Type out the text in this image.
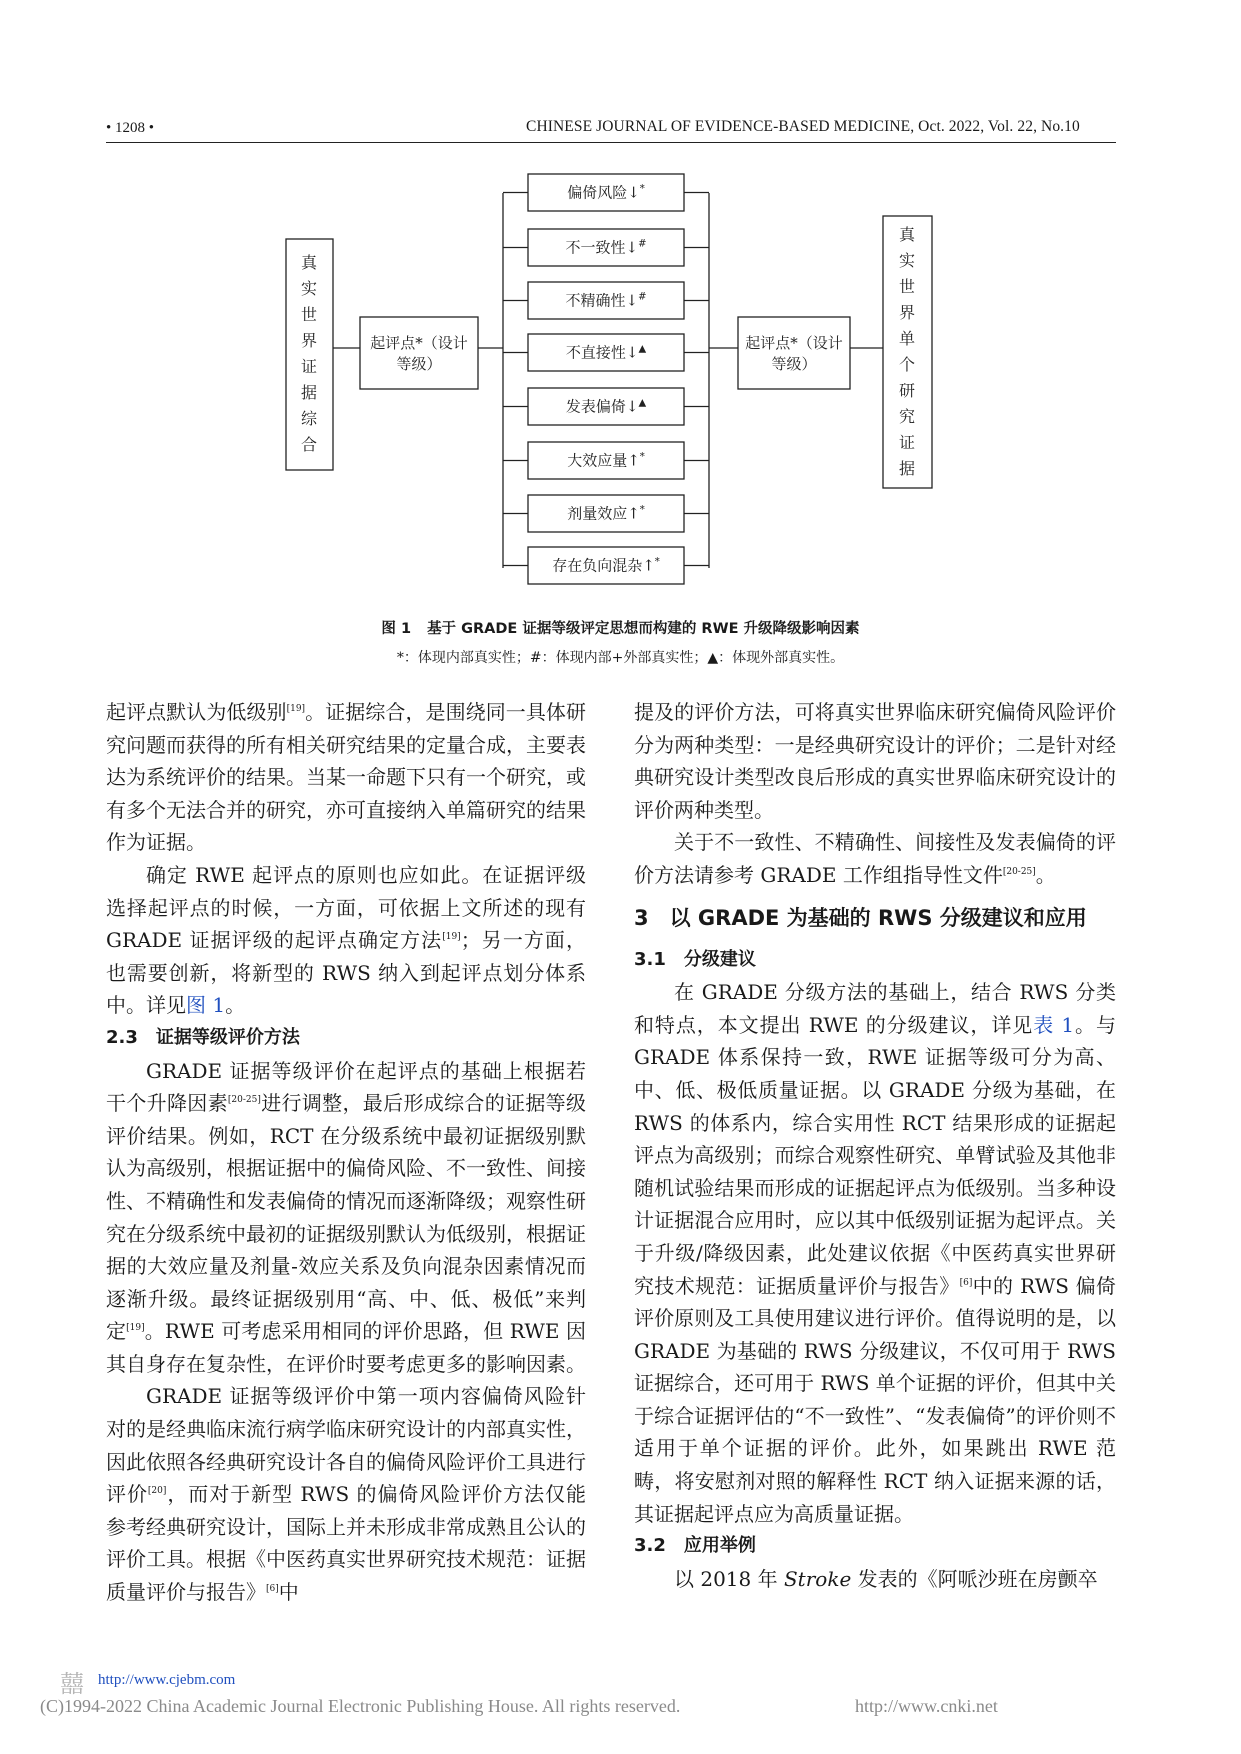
• 1208 •	CHINESE JOURNAL OF EVIDENCE-BASED MEDICINE, Oct. 2022, Vol. 22, No.10
真
实
世
界
证
据
综
合
起评点*（设计
等级）
起评点*（设计
等级）
真
实
世
界
单
个
研
究
证
据
偏倚风险↓*
不一致性↓#
不精确性↓#
不直接性↓▲
发表偏倚↓▲
大效应量↑*
剂量效应↑*
存在负向混杂↑*
图 1 基于 GRADE 证据等级评定思想而构建的 RWE 升级降级影响因素
*：体现内部真实性；#：体现内部+外部真实性；▲：体现外部真实性。

起评点默认为低级别[19]。证据综合，是围绕同一具体研究问题而获得的所有相关研究结果的定量合成，主要表达为系统评价的结果。当某一命题下只有一个研究，或有多个无法合并的研究，亦可直接纳入单篇研究的结果作为证据。

确定 RWE 起评点的原则也应如此。在证据评级选择起评点的时候，一方面，可依据上文所述的现有 GRADE 证据评级的起评点确定方法[19]；另一方面，也需要创新，将新型的 RWS 纳入到起评点划分体系中。详见图 1。

2.3　证据等级评价方法

GRADE 证据等级评价在起评点的基础上根据若干个升降因素[20-25]进行调整，最后形成综合的证据等级评价结果。例如，RCT 在分级系统中最初证据级别默认为高级别，根据证据中的偏倚风险、不一致性、间接性、不精确性和发表偏倚的情况而逐渐降级；观察性研究在分级系统中最初的证据级别默认为低级别，根据证据的大效应量及剂量-效应关系及负向混杂因素情况而逐渐升级。最终证据级别用“高、中、低、极低”来判定[19]。RWE 可考虑采用相同的评价思路，但 RWE 因其自身存在复杂性，在评价时要考虑更多的影响因素。

GRADE 证据等级评价中第一项内容偏倚风险针对的是经典临床流行病学临床研究设计的内部真实性，因此依照各经典研究设计各自的偏倚风险评价工具进行评价[20]，而对于新型 RWS 的偏倚风险评价方法仅能参考经典研究设计，国际上并未形成非常成熟且公认的评价工具。根据《中医药真实世界研究技术规范：证据质量评价与报告》[6]中

提及的评价方法，可将真实世界临床研究偏倚风险评价分为两种类型：一是经典研究设计的评价；二是针对经典研究设计类型改良后形成的真实世界临床研究设计的评价两种类型。

关于不一致性、不精确性、间接性及发表偏倚的评价方法请参考 GRADE 工作组指导性文件[20-25]。

3　以 GRADE 为基础的 RWS 分级建议和应用
3.1　分级建议

在 GRADE 分级方法的基础上，结合 RWS 分类和特点，本文提出 RWE 的分级建议，详见表 1。与 GRADE 体系保持一致，RWE 证据等级可分为高、中、低、极低质量证据。以 GRADE 分级为基础，在 RWS 的体系内，综合实用性 RCT 结果形成的证据起评点为高级别；而综合观察性研究、单臂试验及其他非随机试验结果而形成的证据起评点为低级别。当多种设计证据混合应用时，应以其中低级别证据为起评点。关于升级/降级因素，此处建议依据《中医药真实世界研究技术规范：证据质量评价与报告》[6]中的 RWS 偏倚评价原则及工具使用建议进行评价。值得说明的是，以 GRADE 为基础的 RWS 分级建议，不仅可用于 RWS 证据综合，还可用于 RWS 单个证据的评价，但其中关于综合证据评估的“不一致性”、“发表偏倚”的评价则不适用于单个证据的评价。此外，如果跳出 RWE 范畴，将安慰剂对照的解释性 RCT 纳入证据来源的话，其证据起评点应为高质量证据。

3.2　应用举例

以 2018 年 Stroke 发表的《阿哌沙班在房颤卒

囍 http://www.cjebm.com
(C)1994-2022 China Academic Journal Electronic Publishing House. All rights reserved.	http://www.cnki.net
